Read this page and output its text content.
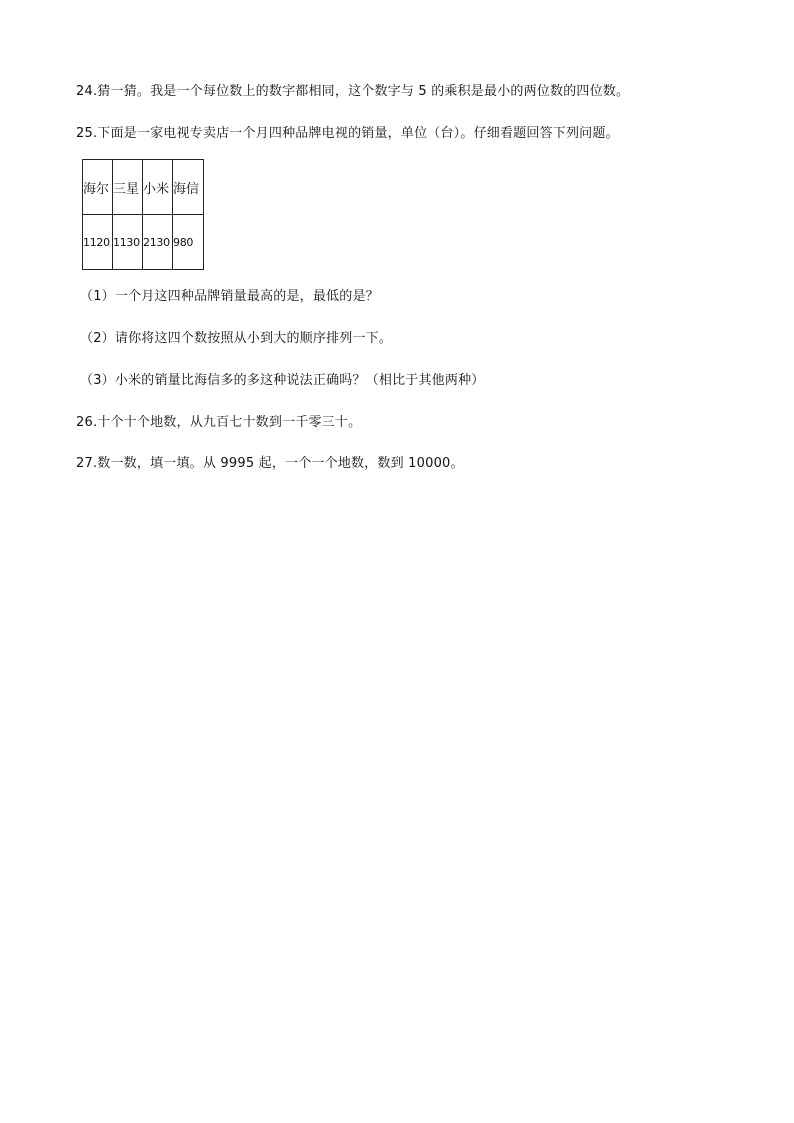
24.猜一猜。我是一个每位数上的数字都相同，这个数字与 5 的乘积是最小的两位数的四位数。
25.下面是一家电视专卖店一个月四种品牌电视的销量，单位（台）。仔细看题回答下列问题。
海尔	三星	小米	海信
1120	1130	2130	980
（1）一个月这四种品牌销量最高的是，最低的是？
（2）请你将这四个数按照从小到大的顺序排列一下。
（3）小米的销量比海信多的多这种说法正确吗？（相比于其他两种）
26.十个十个地数，从九百七十数到一千零三十。
27.数一数，填一填。从 9995 起，一个一个地数，数到 10000。
